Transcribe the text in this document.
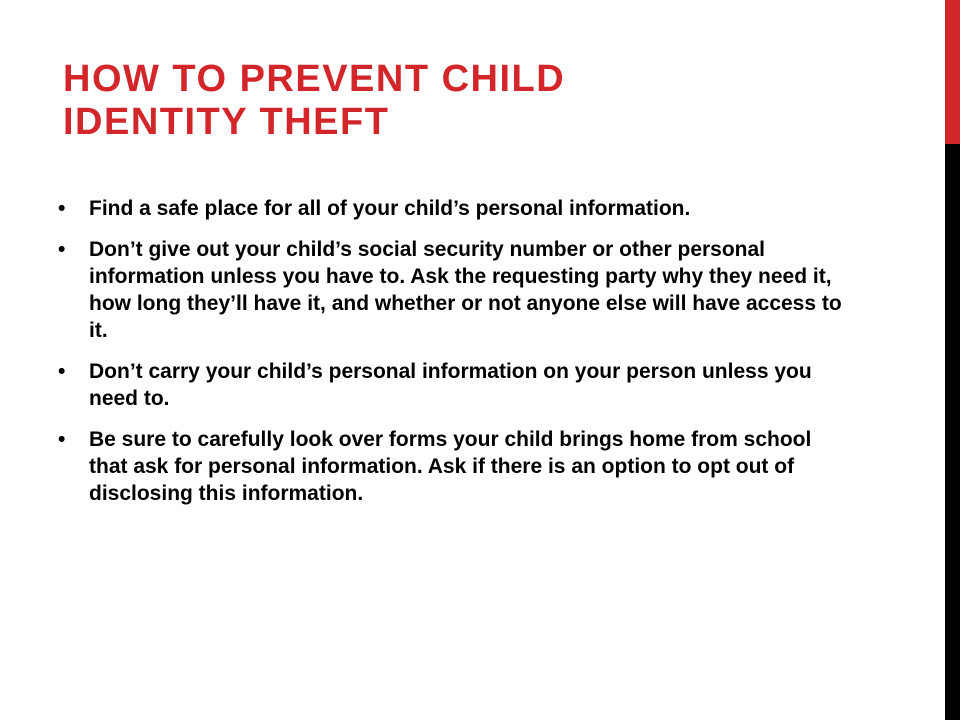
HOW TO PREVENT CHILD
IDENTITY THEFT
•	Find a safe place for all of your child’s personal information.
•	Don’t give out your child’s social security number or other personal information unless you have to. Ask the requesting party why they need it, how long they’ll have it, and whether or not anyone else will have access to it.
•	Don’t carry your child’s personal information on your person unless you need to.
•	Be sure to carefully look over forms your child brings home from school that ask for personal information. Ask if there is an option to opt out of disclosing this information.
